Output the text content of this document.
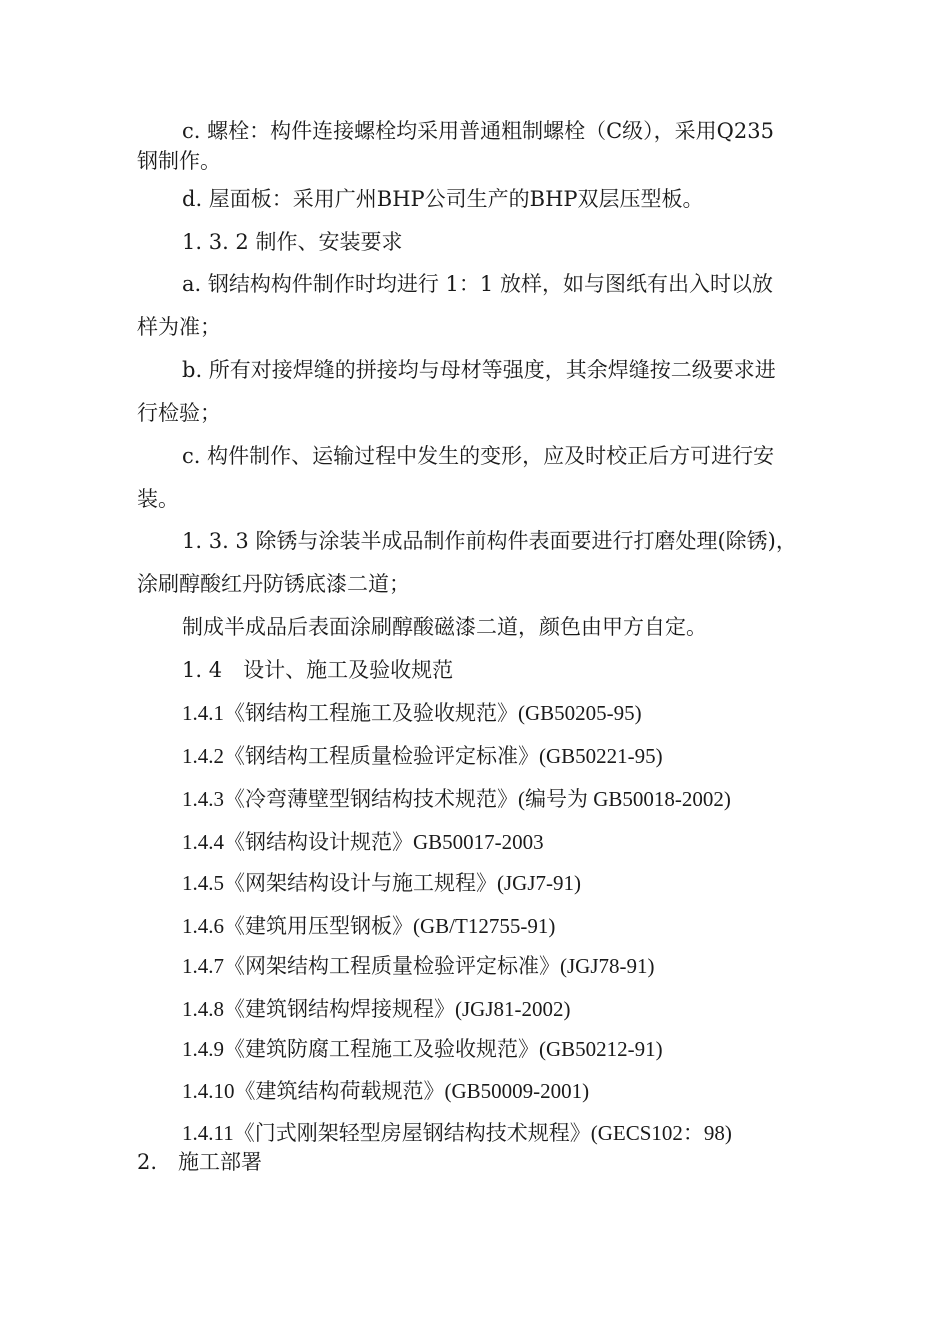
c. 螺栓：构件连接螺栓均采用普通粗制螺栓（C级），采用Q235
钢制作。
d. 屋面板：采用广州BHP公司生产的BHP双层压型板。
1. 3. 2 制作、安装要求
a. 钢结构构件制作时均进行 1：1 放样，如与图纸有出入时以放
样为准；
b. 所有对接焊缝的拼接均与母材等强度，其余焊缝按二级要求进
行检验；
c. 构件制作、运输过程中发生的变形，应及时校正后方可进行安
装。
1. 3. 3 除锈与涂装半成品制作前构件表面要进行打磨处理(除锈)，
涂刷醇酸红丹防锈底漆二道；
制成半成品后表面涂刷醇酸磁漆二道，颜色由甲方自定。
1. 4　设计、施工及验收规范
1.4.1《钢结构工程施工及验收规范》(GB50205-95)
1.4.2《钢结构工程质量检验评定标准》(GB50221-95)
1.4.3《冷弯薄壁型钢结构技术规范》(编号为 GB50018-2002)
1.4.4《钢结构设计规范》GB50017-2003
1.4.5《网架结构设计与施工规程》(JGJ7-91)
1.4.6《建筑用压型钢板》(GB/T12755-91)
1.4.7《网架结构工程质量检验评定标准》(JGJ78-91)
1.4.8《建筑钢结构焊接规程》(JGJ81-2002)
1.4.9《建筑防腐工程施工及验收规范》(GB50212-91)
1.4.10《建筑结构荷载规范》(GB50009-2001)
1.4.11《门式刚架轻型房屋钢结构技术规程》(GECS102：98)
2.　施工部署
